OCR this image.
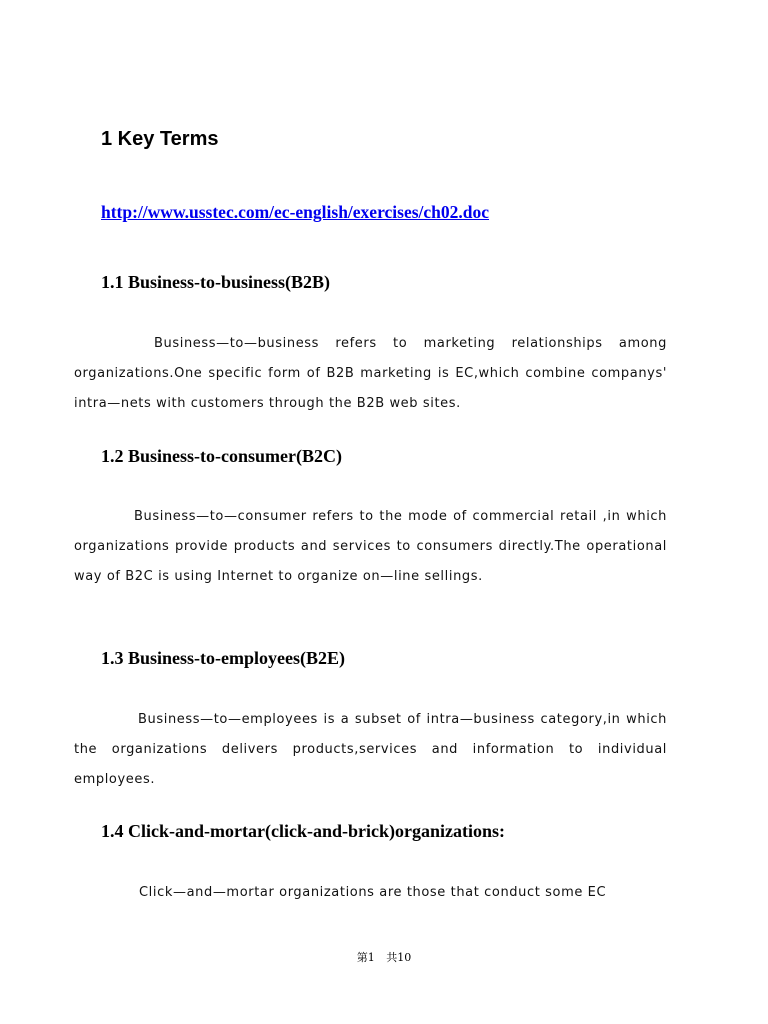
1 Key Terms
http://www.usstec.com/ec-english/exercises/ch02.doc
1.1 Business-to-business(B2B)

Business—to—business refers to marketing relationships among organizations.One specific form of B2B marketing is EC,which combine companys' intra—nets with customers through the B2B web sites.

1.2 Business-to-consumer(B2C)

Business—to—consumer refers to the mode of commercial retail ,in which organizations provide products and services to consumers directly.The operational way of B2C is using Internet to organize on—line sellings.

1.3 Business-to-employees(B2E)

Business—to—employees is a subset of intra—business category,in which the organizations delivers products,services and information to individual employees.

1.4 Click-and-mortar(click-and-brick)organizations:

Click—and—mortar organizations are those that conduct some EC

第1 共10
